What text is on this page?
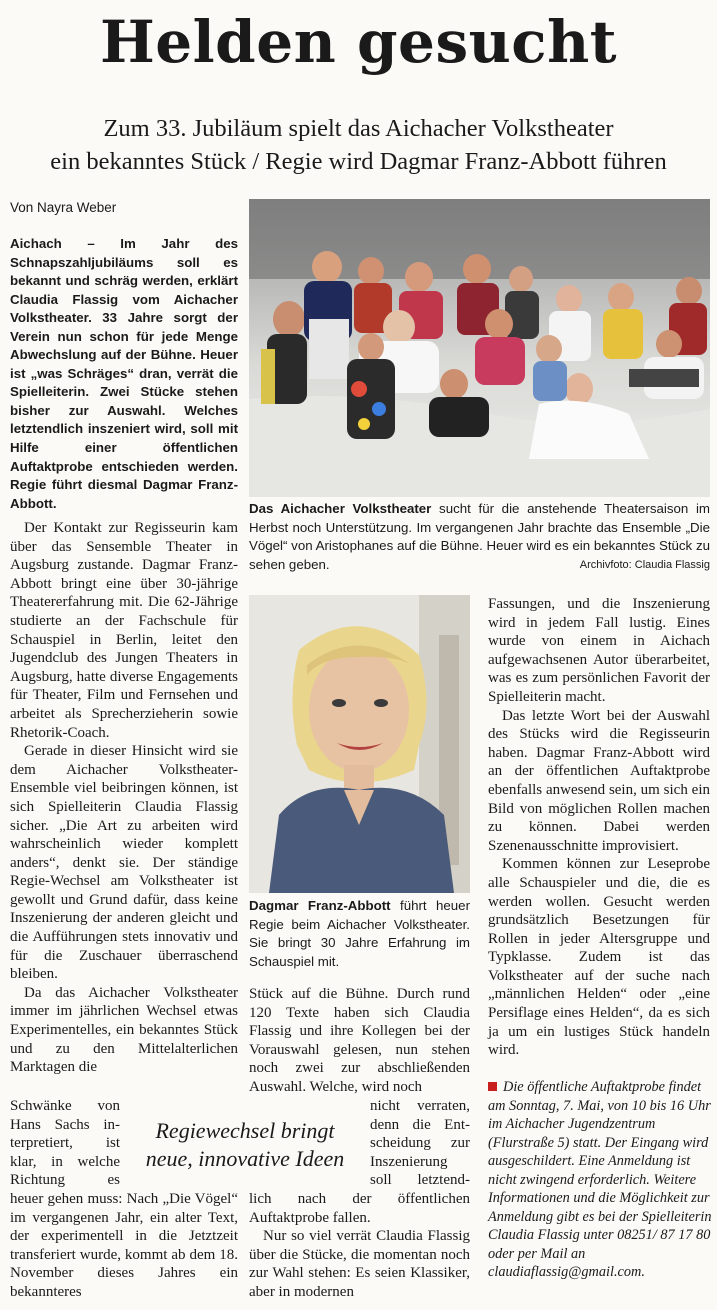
Helden gesucht
Zum 33. Jubiläum spielt das Aichacher Volkstheater
ein bekanntes Stück / Regie wird Dagmar Franz-Abbott führen
Von Nayra Weber
Aichach – Im Jahr des Schnapszahljubiläums soll es bekannt und schräg werden, erklärt Claudia Flassig vom Aichacher Volkstheater. 33 Jahre sorgt der Verein nun schon für jede Menge Abwechslung auf der Bühne. Heuer ist „was Schräges“ dran, verrät die Spielleiterin. Zwei Stücke stehen bisher zur Auswahl. Welches letztendlich inszeniert wird, soll mit Hilfe einer öffentlichen Auftaktprobe entschieden werden. Regie führt diesmal Dagmar Franz-Abbott.	Das Aichacher Volkstheater sucht für die anstehende Theatersaison im Herbst noch Unterstützung. Im vergangenen Jahr brachte das Ensemble „Die Vögel“ von Aristophanes auf die Bühne. Heuer wird es ein bekanntes Stück zu sehen geben.	Archivfoto: Claudia Flassig

Der Kontakt zur Regisseurin kam über das Sensemble Theater in Augsburg zustande. Dagmar Franz-Abbott bringt eine über 30-jährige Theatererfahrung mit. Die 62-Jährige studierte an der Fachschule für Schauspiel in Berlin, leitet den Jugendclub des Jungen Theaters in Augsburg, hatte diverse Engagements für Theater, Film und Fernsehen und arbeitet als Sprecherzieherin sowie Rhetorik-Coach.

Gerade in dieser Hinsicht wird sie dem Aichacher Volkstheater-Ensemble viel beibringen können, ist sich Spielleiterin Claudia Flassig sicher. „Die Art zu arbeiten wird wahrscheinlich wieder komplett anders“, denkt sie. Der ständige Regie-Wechsel am Volkstheater ist gewollt und Grund dafür, dass keine Inszenierung der anderen gleicht und die Aufführungen stets innovativ und für die Zuschauer überraschend bleiben.

Da das Aichacher Volkstheater immer im jährlichen Wechsel etwas Experimentelles, ein bekanntes Stück und zu den Mittelalterlichen Marktagen die

Schwänke von
Hans Sachs in-
terpretiert, ist
klar, in welche
Richtung es

heuer gehen muss: Nach „Die Vögel“ im vergangenen Jahr, ein alter Text, der experimentell in die Jetztzeit transferiert wurde, kommt ab dem 18. November dieses Jahres ein bekannteres

Regiewechsel bringt
neue, innovative Ideen
Dagmar Franz-Abbott führt heuer Regie beim Aichacher Volkstheater. Sie bringt 30 Jahre Erfahrung im Schauspiel mit.

Stück auf die Bühne. Durch rund 120 Texte haben sich Claudia Flassig und ihre Kollegen bei der Vorauswahl gelesen, nun stehen noch zwei zur abschließenden Auswahl. Welche, wird noch

nicht verraten,
denn die Ent-
scheidung zur
Inszenierung
soll letztend-

lich nach der öffentlichen Auftaktprobe fallen.

Nur so viel verrät Claudia Flassig über die Stücke, die momentan noch zur Wahl stehen: Es seien Klassiker, aber in modernen

Fassungen, und die Inszenierung wird in jedem Fall lustig. Eines wurde von einem in Aichach aufgewachsenen Autor überarbeitet, was es zum persönlichen Favorit der Spielleiterin macht.

Das letzte Wort bei der Auswahl des Stücks wird die Regisseurin haben. Dagmar Franz-Abbott wird an der öffentlichen Auftaktprobe ebenfalls anwesend sein, um sich ein Bild von möglichen Rollen machen zu können. Dabei werden Szenenausschnitte improvisiert.

Kommen können zur Leseprobe alle Schauspieler und die, die es werden wollen. Gesucht werden grundsätzlich Besetzungen für Rollen in jeder Altersgruppe und Typklasse. Zudem ist das Volkstheater auf der suche nach „männlichen Helden“ oder „eine Persiflage eines Helden“, da es sich ja um ein lustiges Stück handeln wird.

Die öffentliche Auftaktprobe findet am Sonntag, 7. Mai, von 10 bis 16 Uhr im Aichacher Jugendzentrum (Flurstraße 5) statt. Der Eingang wird ausgeschildert. Eine Anmeldung ist nicht zwingend erforderlich. Weitere Informationen und die Möglichkeit zur Anmeldung gibt es bei der Spielleiterin Claudia Flassig unter 08251/ 87 17 80 oder per Mail an claudiaflassig@gmail.com.
